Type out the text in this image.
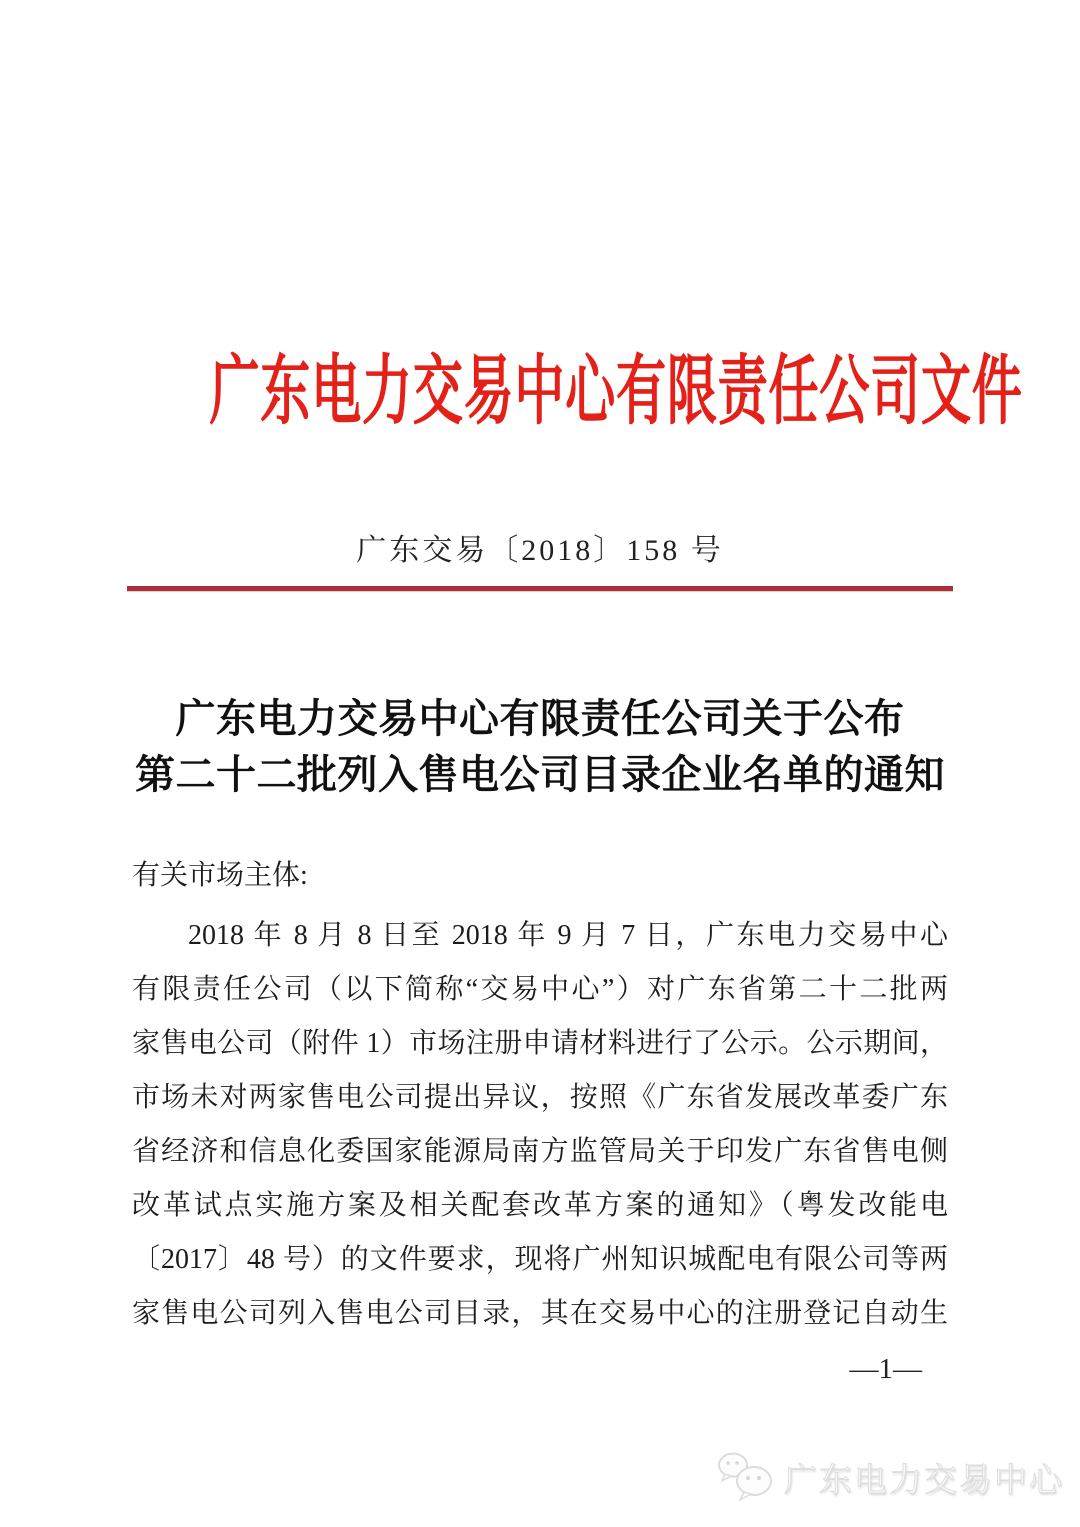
广东电力交易中心有限责任公司文件
广东交易〔2018〕158 号
广东电力交易中心有限责任公司关于公布
第二十二批列入售电公司目录企业名单的通知
有关市场主体:
2018 年 8 月 8 日至 2018 年 9 月 7 日，广东电力交易中心
有限责任公司（以下简称“交易中心”）对广东省第二十二批两
家售电公司（附件 1）市场注册申请材料进行了公示。公示期间，
市场未对两家售电公司提出异议，按照《广东省发展改革委广东
省经济和信息化委国家能源局南方监管局关于印发广东省售电侧
改革试点实施方案及相关配套改革方案的通知》（粤发改能电
〔2017〕48 号）的文件要求，现将广州知识城配电有限公司等两
家售电公司列入售电公司目录，其在交易中心的注册登记自动生
—1—
广东电力交易中心
